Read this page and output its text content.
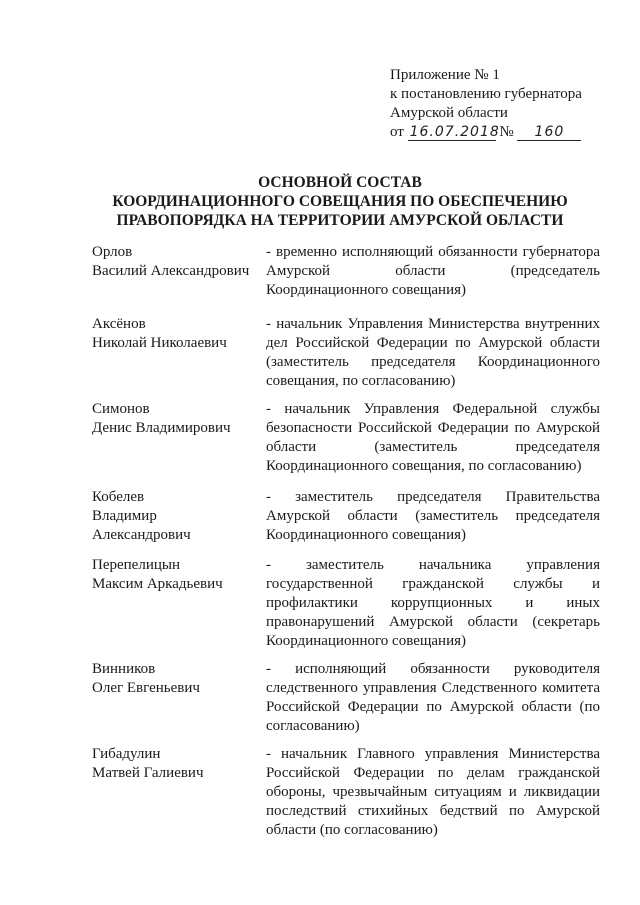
Приложение № 1
к постановлению губернатора
Амурской области
от 16.07.2018 № 160
ОСНОВНОЙ СОСТАВ
КООРДИНАЦИОННОГО СОВЕЩАНИЯ ПО ОБЕСПЕЧЕНИЮ
ПРАВОПОРЯДКА НА ТЕРРИТОРИИ АМУРСКОЙ ОБЛАСТИ
Орлов
Василий Александрович
- временно исполняющий обязанности губернатора Амурской области (председатель Координационного совещания)
Аксёнов
Николай Николаевич
- начальник Управления Министерства внутренних дел Российской Федерации по Амурской области (заместитель председателя Координационного совещания, по согласованию)
Симонов
Денис Владимирович
- начальник Управления Федеральной службы безопасности Российской Федерации по Амурской области (заместитель председателя Координационного совещания, по согласованию)
Кобелев
Владимир
Александрович
- заместитель председателя Правительства Амурской области (заместитель председателя Координационного совещания)
Перепелицын
Максим Аркадьевич
- заместитель начальника управления государственной гражданской службы и профилактики коррупционных и иных правонарушений Амурской области (секретарь Координационного совещания)
Винников
Олег Евгеньевич
- исполняющий обязанности руководителя следственного управления Следственного комитета Российской Федерации по Амурской области (по согласованию)
Гибадулин
Матвей Галиевич
- начальник Главного управления Министерства Российской Федерации по делам гражданской обороны, чрезвычайным ситуациям и ликвидации последствий стихийных бедствий по Амурской области (по согласованию)
